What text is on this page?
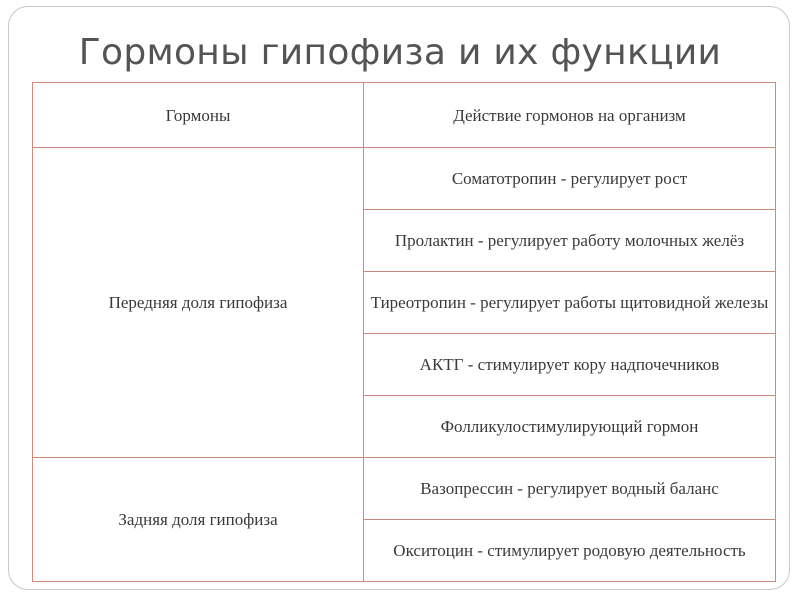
Гормоны гипофиза и их функции
Гормоны	Действие гормонов на организм
Передняя доля гипофиза	Соматотропин - регулирует рост
	Пролактин - регулирует работу молочных желёз
	Тиреотропин - регулирует работы щитовидной железы
	АКТГ - стимулирует кору надпочечников
	Фолликулостимулирующий гормон
Задняя доля гипофиза	Вазопрессин - регулирует водный баланс
	Окситоцин - стимулирует родовую деятельность
